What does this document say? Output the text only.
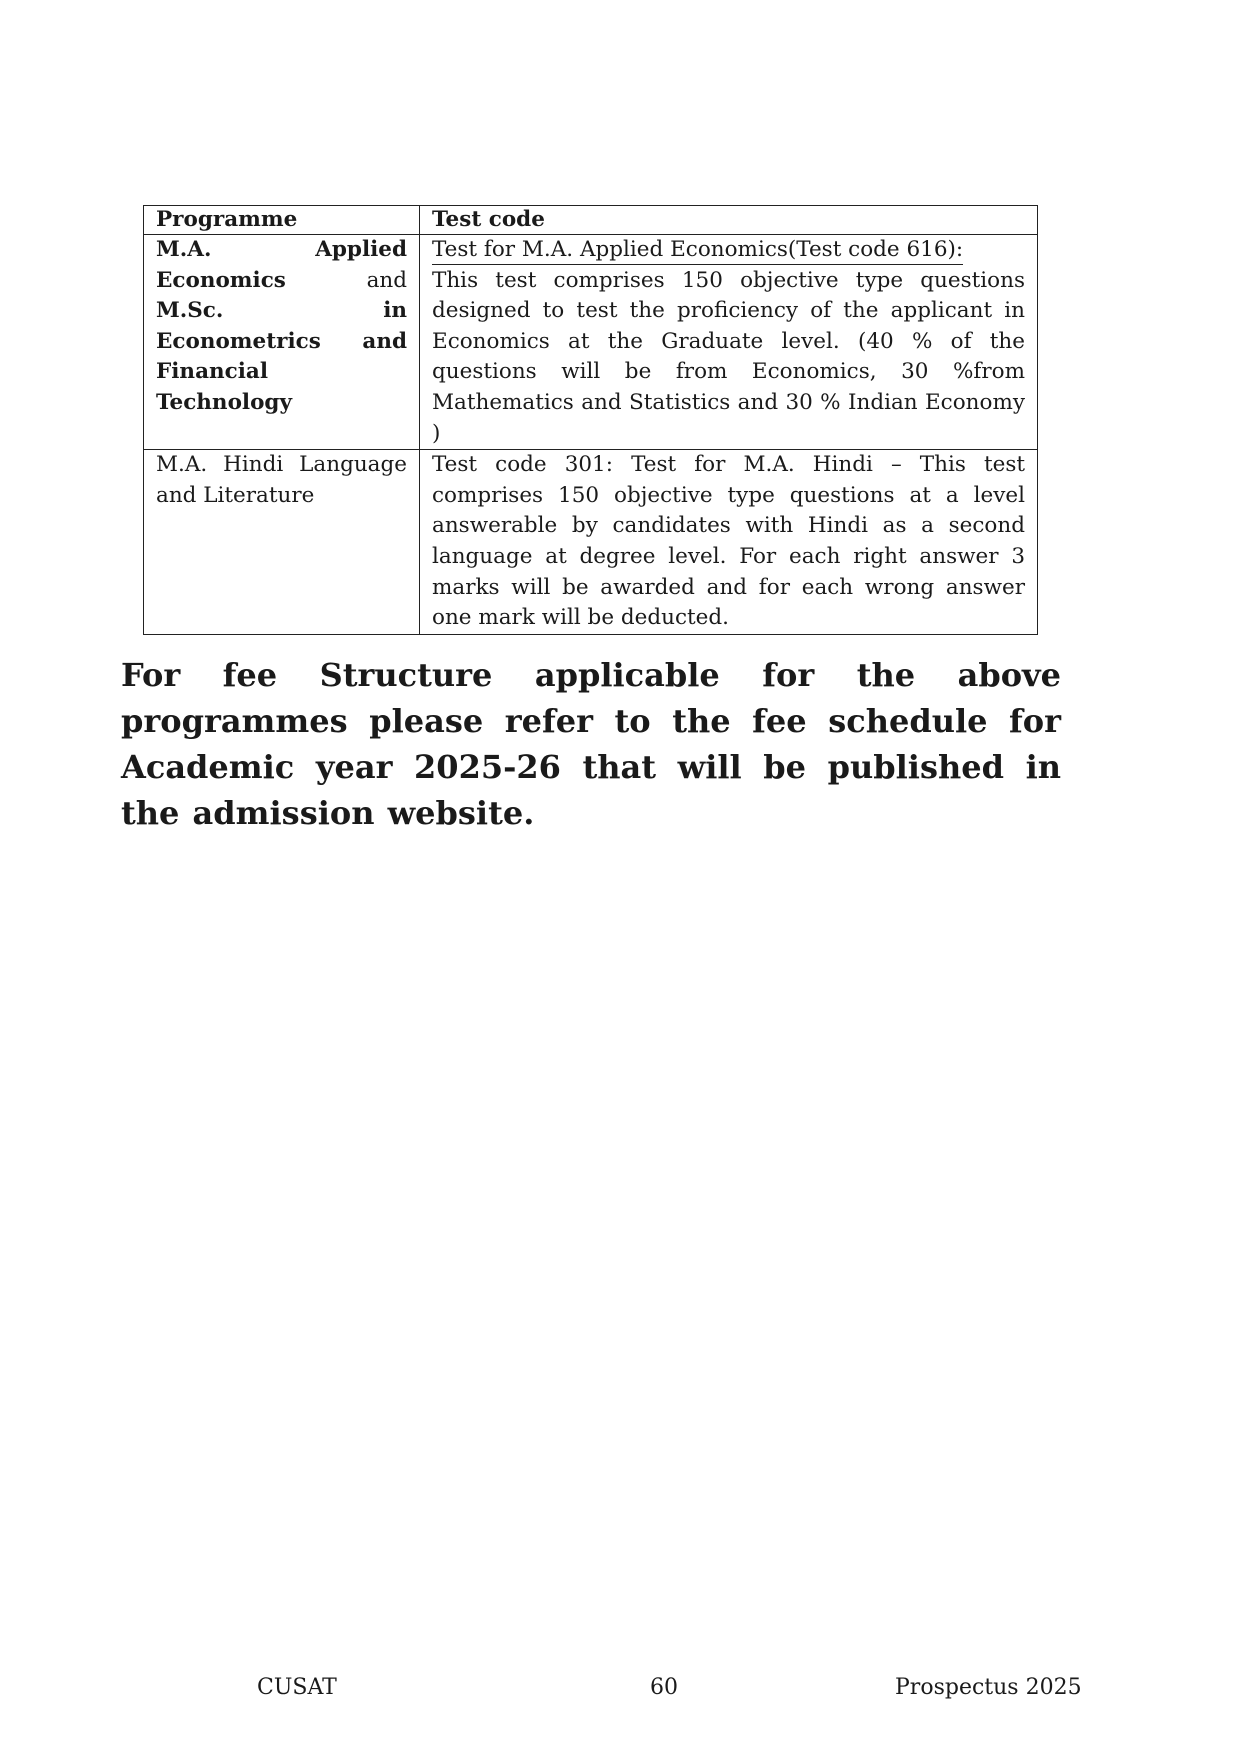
Programme	Test code
M.A. Applied Economics and M.Sc. in Econometrics and Financial Technology	Test for M.A. Applied Economics(Test code 616):
This test comprises 150 objective type questions designed to test the proficiency of the applicant in Economics at the Graduate level. (40 % of the questions will be from Economics, 30 %from Mathematics and Statistics and 30 % Indian Economy )
M.A. Hindi Language and Literature	Test code 301: Test for M.A. Hindi – This test comprises 150 objective type questions at a level answerable by candidates with Hindi as a second language at degree level. For each right answer 3 marks will be awarded and for each wrong answer one mark will be deducted.

For fee Structure applicable for the above programmes please refer to the fee schedule for Academic year 2025-26 that will be published in the admission website.

CUSAT	60	Prospectus 2025
